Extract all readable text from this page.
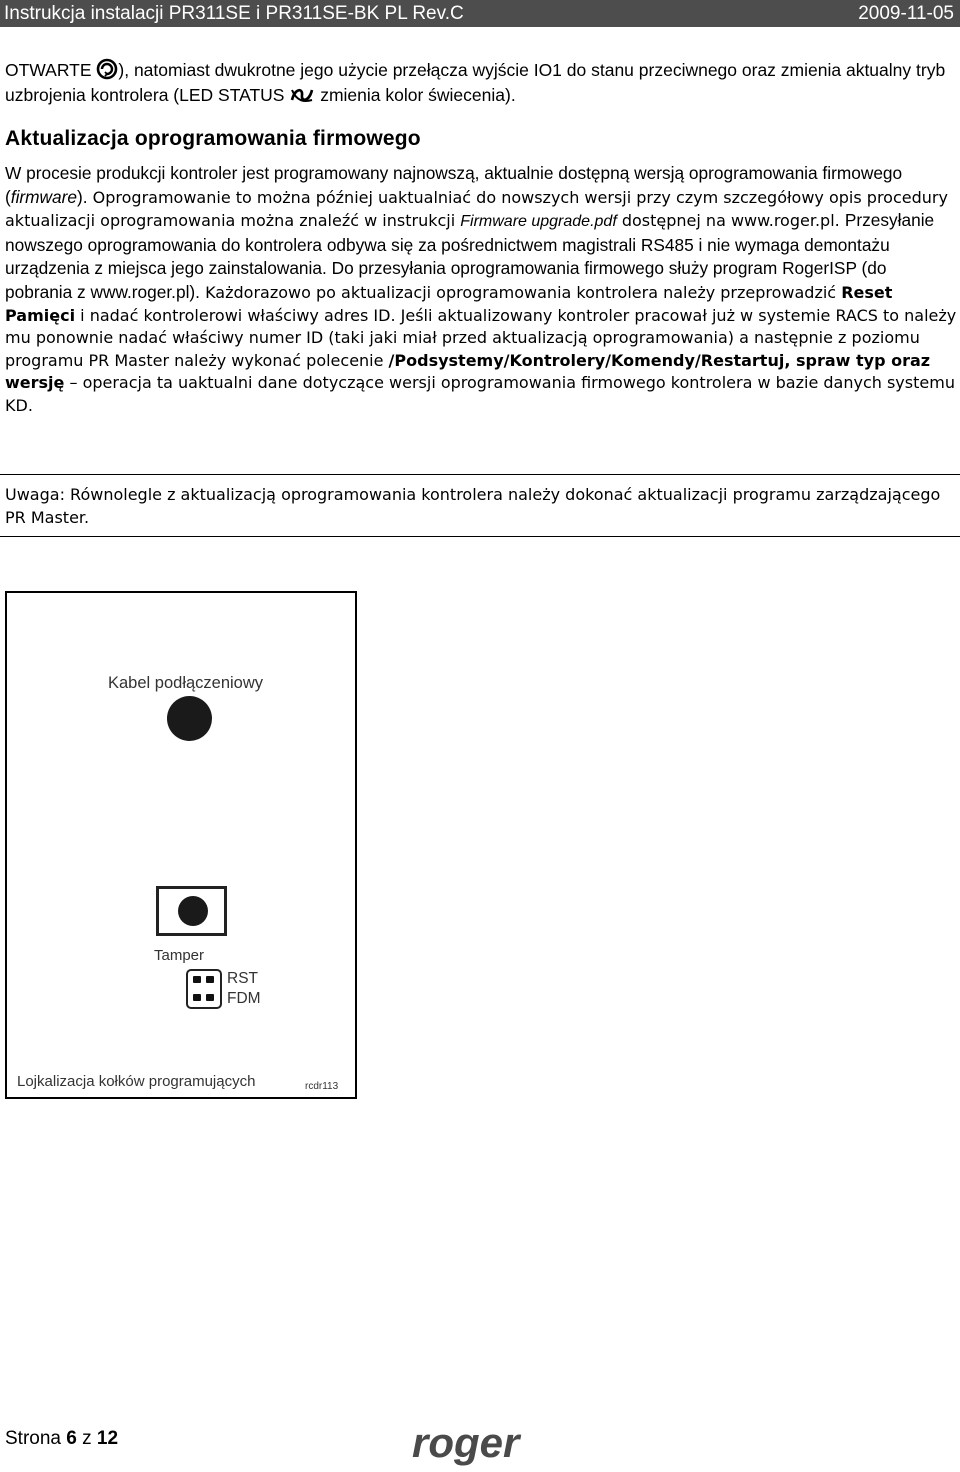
Instrukcja instalacji PR311SE i PR311SE-BK PL Rev.C	2009-11-05
OTWARTE ), natomiast dwukrotne jego użycie przełącza wyjście IO1 do stanu przeciwnego oraz zmienia aktualny tryb uzbrojenia kontrolera (LED STATUS  zmienia kolor świecenia).
Aktualizacja oprogramowania firmowego
W procesie produkcji kontroler jest programowany najnowszą, aktualnie dostępną wersją oprogramowania firmowego (firmware). Oprogramowanie to można później uaktualniać do nowszych wersji przy czym szczegółowy opis procedury aktualizacji oprogramowania można znaleźć w instrukcji Firmware upgrade.pdf dostępnej na www.roger.pl. Przesyłanie nowszego oprogramowania do kontrolera odbywa się za pośrednictwem magistrali RS485 i nie wymaga demontażu urządzenia z miejsca jego zainstalowania. Do przesyłania oprogramowania firmowego służy program RogerISP (do pobrania z www.roger.pl). Każdorazowo po aktualizacji oprogramowania kontrolera należy przeprowadzić Reset Pamięci i nadać kontrolerowi właściwy adres ID. Jeśli aktualizowany kontroler pracował już w systemie RACS to należy mu ponownie nadać właściwy numer ID (taki jaki miał przed aktualizacją oprogramowania) a następnie z poziomu programu PR Master należy wykonać polecenie /Podsystemy/Kontrolery/Komendy/Restartuj, spraw typ oraz wersję – operacja ta uaktualni dane dotyczące wersji oprogramowania firmowego kontrolera w bazie danych systemu KD.
Uwaga: Równolegle z aktualizacją oprogramowania kontrolera należy dokonać aktualizacji programu zarządzającego PR Master.
Kabel podłączeniowy
Tamper
RST
FDM
Lojkalizacja kołków programujących	rcdr113
Strona 6 z 12	roger
